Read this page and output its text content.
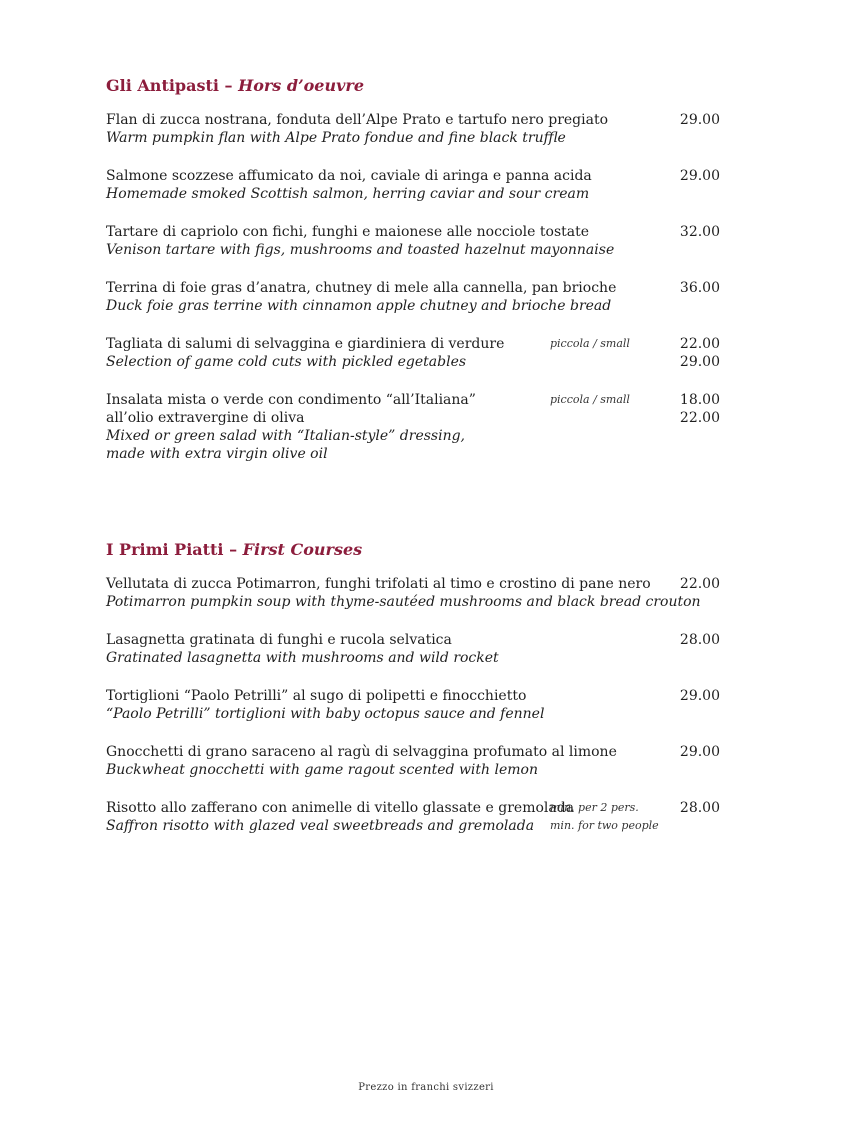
Gli Antipasti – Hors d’oeuvre
Flan di zucca nostrana, fonduta dell’Alpe Prato e tartufo nero pregiato
Warm pumpkin flan with Alpe Prato fondue and fine black truffle
29.00
Salmone scozzese affumicato da noi, caviale di aringa e panna acida
Homemade smoked Scottish salmon, herring caviar and sour cream
29.00
Tartare di capriolo con fichi, funghi e maionese alle nocciole tostate
Venison tartare with figs, mushrooms and toasted hazelnut mayonnaise
32.00
Terrina di foie gras d’anatra, chutney di mele alla cannella, pan brioche
Duck foie gras terrine with cinnamon apple chutney and brioche bread
36.00
Tagliata di salumi di selvaggina e giardiniera di verdure
Selection of game cold cuts with pickled egetables
piccola / small	22.00
29.00
Insalata mista o verde con condimento “all’Italiana”
all’olio extravergine di oliva
Mixed or green salad with “Italian-style” dressing,
made with extra virgin olive oil
piccola / small	18.00
22.00
I Primi Piatti – First Courses
Vellutata di zucca Potimarron, funghi trifolati al timo e crostino di pane nero
Potimarron pumpkin soup with thyme-sautéed mushrooms and black bread crouton
22.00
Lasagnetta gratinata di funghi e rucola selvatica
Gratinated lasagnetta with mushrooms and wild rocket
28.00
Tortiglioni “Paolo Petrilli” al sugo di polipetti e finocchietto
“Paolo Petrilli” tortiglioni with baby octopus sauce and fennel
29.00
Gnocchetti di grano saraceno al ragù di selvaggina profumato al limone
Buckwheat gnocchetti with game ragout scented with lemon
29.00
Risotto allo zafferano con animelle di vitello glassate e gremolada
Saffron risotto with glazed veal sweetbreads and gremolada
min. per 2 pers.
min. for two people
28.00
Prezzo in franchi svizzeri
